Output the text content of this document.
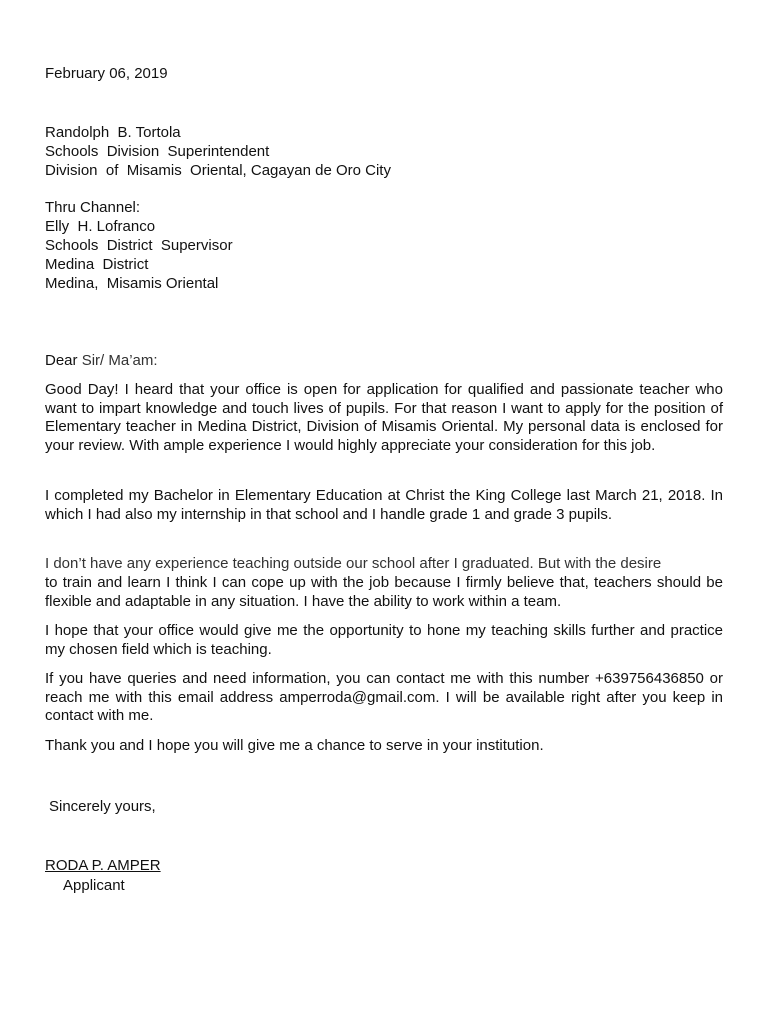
February 06, 2019
Randolph  B. Tortola
Schools  Division  Superintendent
Division  of  Misamis  Oriental, Cagayan de Oro City
Thru Channel:
Elly  H. Lofranco
Schools  District  Supervisor
Medina  District
Medina,  Misamis Oriental
Dear Sir/ Ma’am:
Good Day! I heard that your office is open for application for qualified and passionate teacher who want to impart knowledge and touch lives of pupils. For that reason I want to apply for the position of Elementary teacher in Medina District, Division of Misamis Oriental. My personal data is enclosed for your review. With ample experience I would highly appreciate your consideration for this job.
I completed my Bachelor in Elementary Education at Christ the King College last March 21, 2018. In which I had also my internship in that school and I handle grade 1 and grade 3 pupils.
I don’t have any experience teaching outside our school after I graduated. But with the desire
to train and learn I think I can cope up with the job because I firmly believe that, teachers should be flexible and adaptable in any situation. I have the ability to work within a team.
I hope that your office would give me the opportunity to hone my teaching skills further and practice my chosen field which is teaching.
If you have queries and need information, you can contact me with this number +639756436850 or reach me with this email address amperroda@gmail.com. I will be available right after you keep in contact with me.
Thank you and I hope you will give me a chance to serve in your institution.
Sincerely yours,
RODA P. AMPER
Applicant
